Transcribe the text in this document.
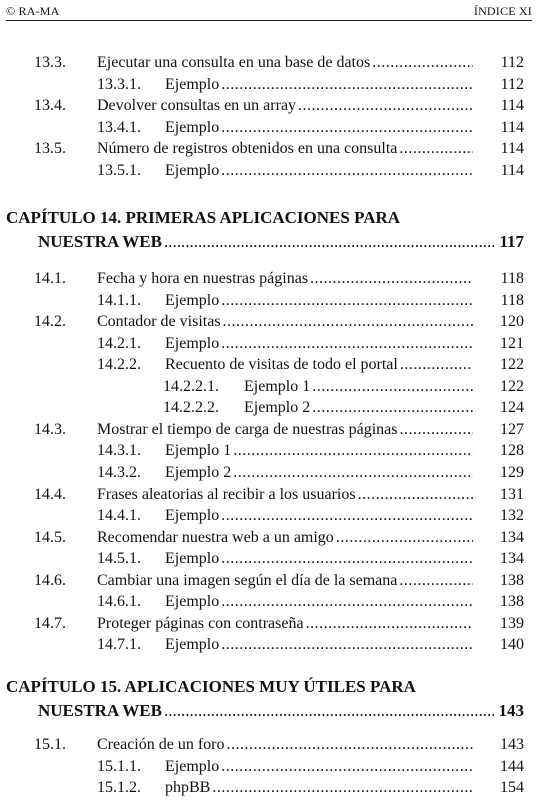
© RA-MA	ÍNDICE XI
13.3. Ejecutar una consulta en una base de datos .....	112
13.3.1. Ejemplo .....	112
13.4. Devolver consultas en un array .....	114
13.4.1. Ejemplo .....	114
13.5. Número de registros obtenidos en una consulta .....	114
13.5.1. Ejemplo .....	114
CAPÍTULO 14. PRIMERAS APLICACIONES PARA
NUESTRA WEB .....	117
14.1. Fecha y hora en nuestras páginas .....	118
14.1.1. Ejemplo .....	118
14.2. Contador de visitas .....	120
14.2.1. Ejemplo .....	121
14.2.2. Recuento de visitas de todo el portal .....	122
14.2.2.1. Ejemplo 1 .....	122
14.2.2.2. Ejemplo 2 .....	124
14.3. Mostrar el tiempo de carga de nuestras páginas .....	127
14.3.1. Ejemplo 1 .....	128
14.3.2. Ejemplo 2 .....	129
14.4. Frases aleatorias al recibir a los usuarios .....	131
14.4.1. Ejemplo .....	132
14.5. Recomendar nuestra web a un amigo .....	134
14.5.1. Ejemplo .....	134
14.6. Cambiar una imagen según el día de la semana .....	138
14.6.1. Ejemplo .....	138
14.7. Proteger páginas con contraseña .....	139
14.7.1. Ejemplo .....	140
CAPÍTULO 15. APLICACIONES MUY ÚTILES PARA
NUESTRA WEB .....	143
15.1. Creación de un foro .....	143
15.1.1. Ejemplo .....	144
15.1.2. phpBB .....	154
